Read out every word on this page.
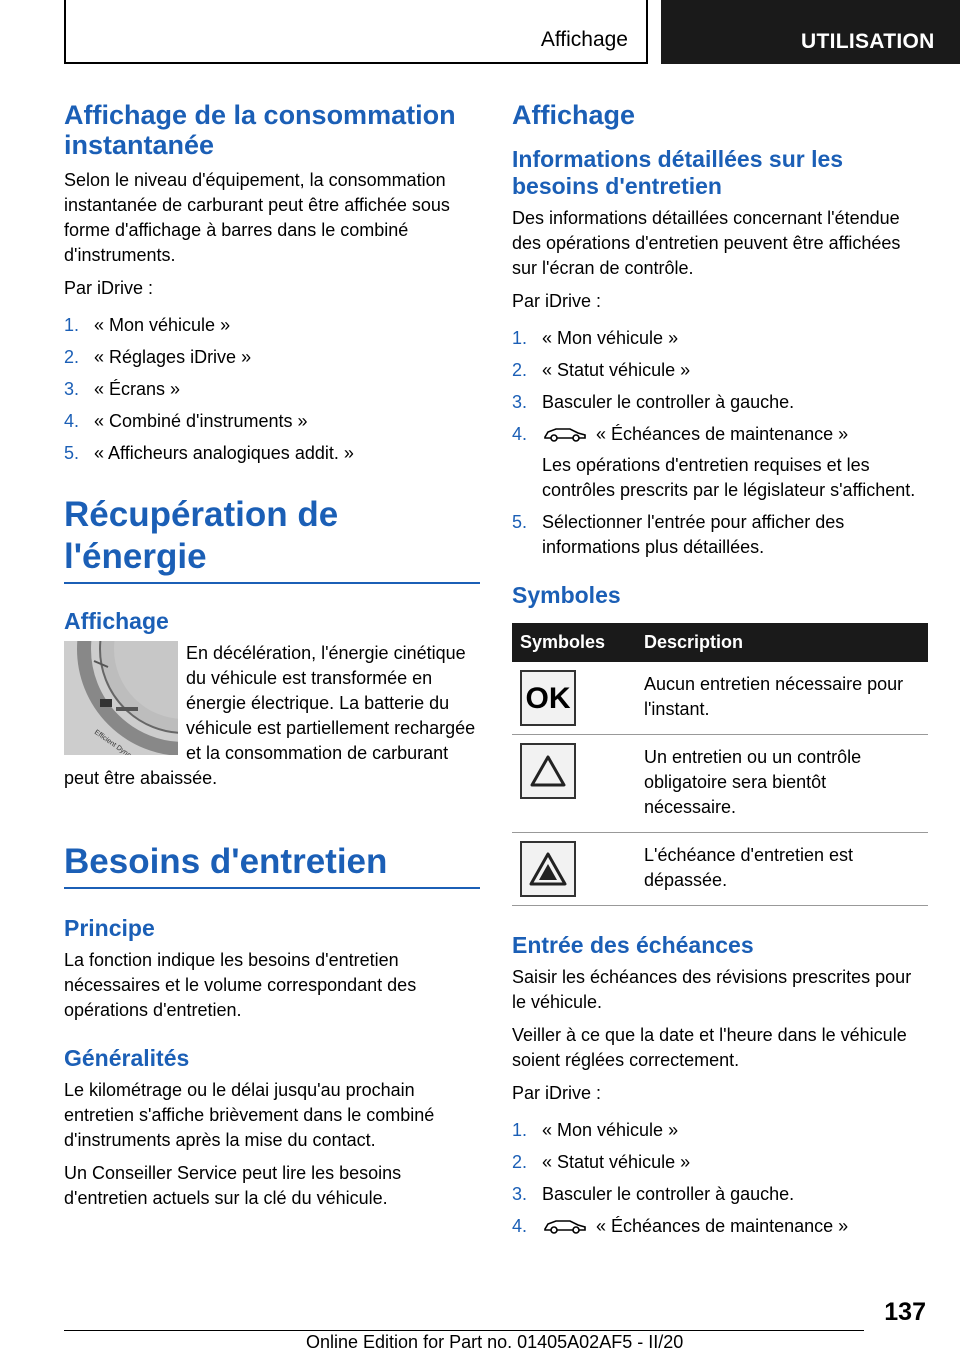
Affichage	UTILISATION
Affichage de la consommation instantanée

Selon le niveau d'équipement, la consommation instantanée de carburant peut être affichée sous forme d'affichage à barres dans le combiné d'instruments.

Par iDrive :

1. « Mon véhicule »
2. « Réglages iDrive »
3. « Écrans »
4. « Combiné d'instruments »
5. « Afficheurs analogiques addit. »
Récupération de l'énergie
Affichage

En décélération, l'énergie cinétique du véhicule est transformée en énergie électrique. La batterie du véhicule est partiellement rechargée et la consommation de carburant peut être abaissée.

Besoins d'entretien
Principe

La fonction indique les besoins d'entretien nécessaires et le volume correspondant des opérations d'entretien.

Généralités

Le kilométrage ou le délai jusqu'au prochain entretien s'affiche brièvement dans le combiné d'instruments après la mise du contact.

Un Conseiller Service peut lire les besoins d'entretien actuels sur la clé du véhicule.

Affichage
Informations détaillées sur les besoins d'entretien

Des informations détaillées concernant l'étendue des opérations d'entretien peuvent être affichées sur l'écran de contrôle.

Par iDrive :

1. « Mon véhicule »
2. « Statut véhicule »
3. Basculer le controller à gauche.
4.	« Échéances de maintenance »
Les opérations d'entretien requises et les contrôles prescrits par le législateur s'affichent.
5. Sélectionner l'entrée pour afficher des informations plus détaillées.
Symboles
Symboles	Description

OK	Aucun entretien nécessaire pour l'instant.

	Un entretien ou un contrôle obligatoire sera bientôt nécessaire.

	L'échéance d'entretien est dépassée.
Entrée des échéances

Saisir les échéances des révisions prescrites pour le véhicule.

Veiller à ce que la date et l'heure dans le véhicule soient réglées correctement.

Par iDrive :

1. « Mon véhicule »
2. « Statut véhicule »
3. Basculer le controller à gauche.
4.	« Échéances de maintenance »
137
Online Edition for Part no. 01405A02AF5 - II/20
